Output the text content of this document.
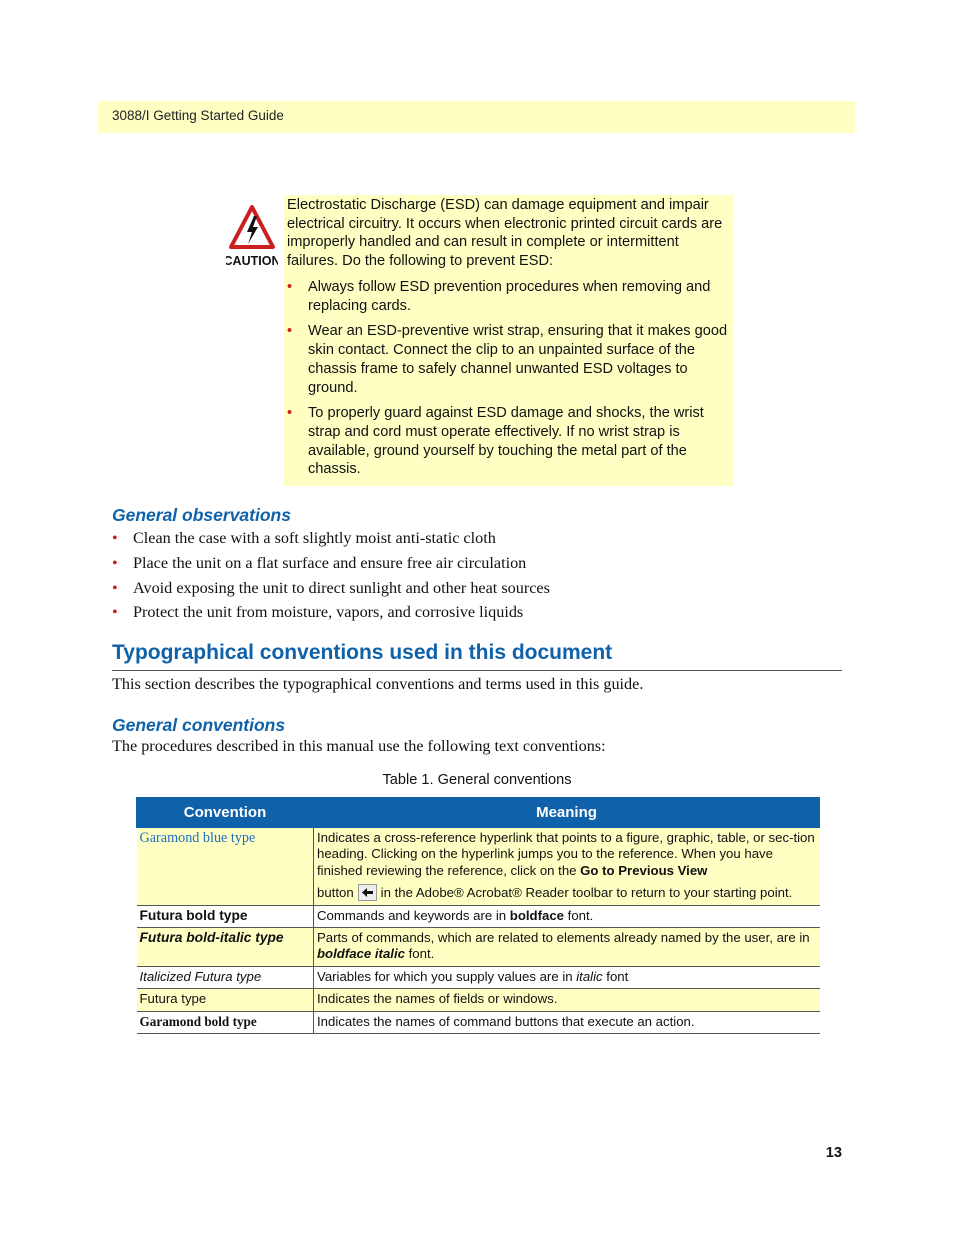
3088/I Getting Started Guide
CAUTION
Electrostatic Discharge (ESD) can damage equipment and impair electrical circuitry. It occurs when electronic printed circuit cards are improperly handled and can result in complete or intermittent failures. Do the following to prevent ESD:
• Always follow ESD prevention procedures when removing and replacing cards.
• Wear an ESD-preventive wrist strap, ensuring that it makes good skin contact. Connect the clip to an unpainted surface of the chassis frame to safely channel unwanted ESD voltages to ground.
• To properly guard against ESD damage and shocks, the wrist strap and cord must operate effectively. If no wrist strap is available, ground yourself by touching the metal part of the chassis.
General observations
• Clean the case with a soft slightly moist anti-static cloth
• Place the unit on a flat surface and ensure free air circulation
• Avoid exposing the unit to direct sunlight and other heat sources
• Protect the unit from moisture, vapors, and corrosive liquids
Typographical conventions used in this document
This section describes the typographical conventions and terms used in this guide.
General conventions
The procedures described in this manual use the following text conventions:
Table 1. General conventions
Convention	Meaning
Garamond blue type	Indicates a cross-reference hyperlink that points to a figure, graphic, table, or sec-tion heading. Clicking on the hyperlink jumps you to the reference. When you have finished reviewing the reference, click on the Go to Previous View
button in the Adobe® Acrobat® Reader toolbar to return to your starting point.

Futura bold type	Commands and keywords are in boldface font.
Futura bold-italic type	Parts of commands, which are related to elements already named by the user, are in boldface italic font.
Italicized Futura type	Variables for which you supply values are in italic font
Futura type	Indicates the names of fields or windows.
Garamond bold type	Indicates the names of command buttons that execute an action.
13
